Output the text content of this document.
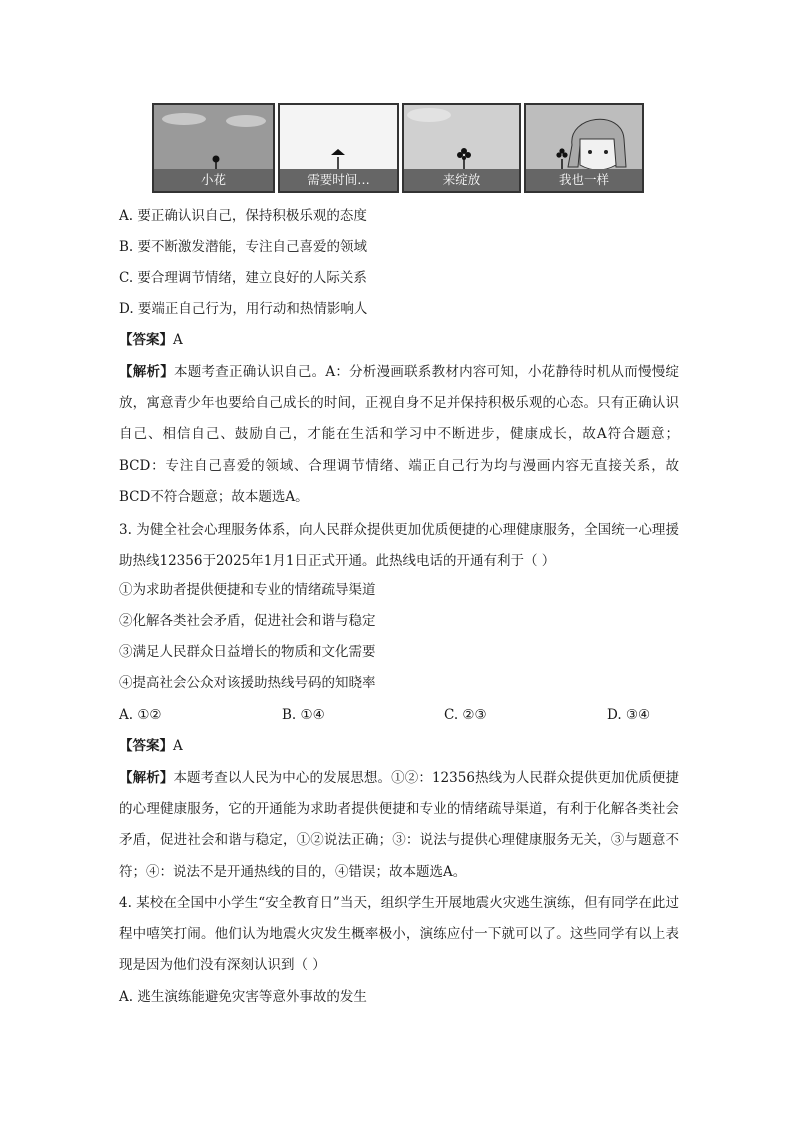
小花	需要时间…	来绽放	我也一样
A. 要正确认识自己，保持积极乐观的态度
B. 要不断激发潜能，专注自己喜爱的领域
C. 要合理调节情绪，建立良好的人际关系
D. 要端正自己行为，用行动和热情影响人
【答案】A

【解析】本题考查正确认识自己。A：分析漫画联系教材内容可知，小花静待时机从而慢慢绽放，寓意青少年也要给自己成长的时间，正视自身不足并保持积极乐观的心态。只有正确认识自己、相信自己、鼓励自己，才能在生活和学习中不断进步，健康成长，故A符合题意；BCD：专注自己喜爱的领域、合理调节情绪、端正自己行为均与漫画内容无直接关系，故BCD不符合题意；故本题选A。

3. 为健全社会心理服务体系，向人民群众提供更加优质便捷的心理健康服务，全国统一心理援助热线12356于2025年1月1日正式开通。此热线电话的开通有利于（ ）

①为求助者提供便捷和专业的情绪疏导渠道
②化解各类社会矛盾，促进社会和谐与稳定
③满足人民群众日益增长的物质和文化需要
④提高社会公众对该援助热线号码的知晓率
A. ①②	B. ①④	C. ②③	D. ③④
【答案】A

【解析】本题考查以人民为中心的发展思想。①②：12356热线为人民群众提供更加优质便捷的心理健康服务，它的开通能为求助者提供便捷和专业的情绪疏导渠道，有利于化解各类社会矛盾，促进社会和谐与稳定，①②说法正确；③：说法与提供心理健康服务无关，③与题意不符；④：说法不是开通热线的目的，④错误；故本题选A。

4. 某校在全国中小学生“安全教育日”当天，组织学生开展地震火灾逃生演练，但有同学在此过程中嘻笑打闹。他们认为地震火灾发生概率极小，演练应付一下就可以了。这些同学有以上表现是因为他们没有深刻认识到（ ）

A. 逃生演练能避免灾害等意外事故的发生
